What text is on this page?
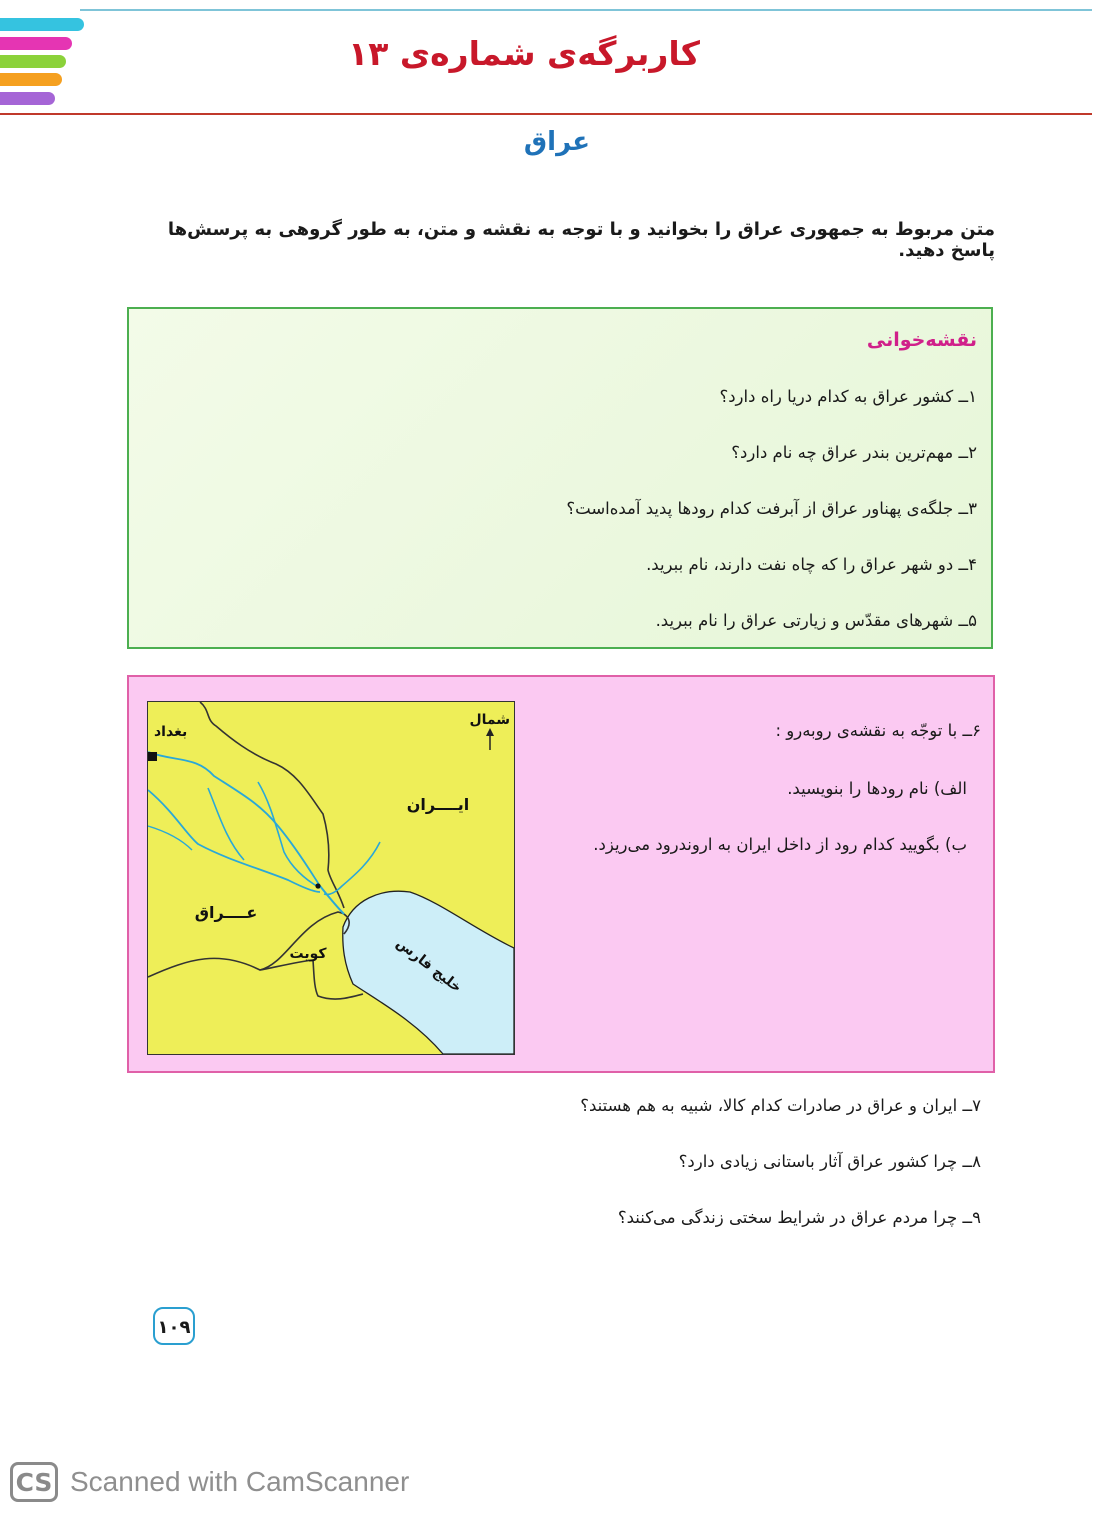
کاربرگه‌ی شماره‌ی ۱۳
عراق
متن مربوط به جمهوری عراق را بخوانید و با توجه به نقشه و متن، به طور گروهی به پرسش‌ها پاسخ دهید.
نقشه‌خوانی
۱ــ کشور عراق به کدام دریا راه دارد؟
۲ــ مهم‌ترین بندر عراق چه نام دارد؟
۳ــ جلگه‌ی پهناور عراق از آبرفت کدام رودها پدید آمده‌است؟
۴ــ دو شهر عراق را که چاه نفت دارند، نام ببرید.
۵ــ شهرهای مقدّس و زیارتی عراق را نام ببرید.
شمال
بغداد
ایــــران
عــــراق
کویت	خلیج فارس
۶ــ با توجّه به نقشه‌ی روبه‌رو :
الف) نام رودها را بنویسید.
ب) بگویید کدام رود از داخل ایران به اروندرود می‌ریزد.
۷ــ ایران و عراق در صادرات کدام کالا، شبیه به هم هستند؟
۸ــ چرا کشور عراق آثار باستانی زیادی دارد؟
۹ــ چرا مردم عراق در شرایط سختی زندگی می‌کنند؟
۱۰۹
CS Scanned with CamScanner
